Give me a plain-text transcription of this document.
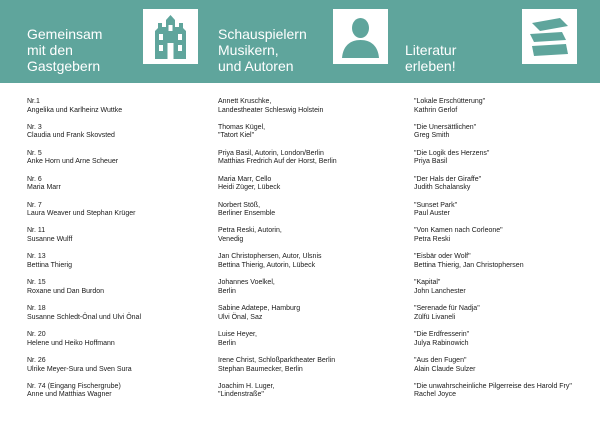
Gemeinsam
mit den
Gastgebern
Schauspielern
Musikern,
und Autoren
Literatur
erleben!
Nr.1
Angelika und Karlheinz Wuttke
Nr. 3
Claudia und Frank Skovsted
Nr. 5
Anke Horn und Arne Scheuer
Nr. 6
Maria Marr
Nr. 7
Laura Weaver und Stephan Krüger
Nr. 11
Susanne Wulff
Nr. 13
Bettina Thierig
Nr. 15
Roxane und Dan Burdon
Nr. 18
Susanne Schledt-Önal und Ulvi Önal
Nr. 20
Helene und Heiko Hoffmann
Nr. 26
Ulrike Meyer-Sura und Sven Sura
Nr. 74 (Eingang Fischergrube)
Anne und Matthias Wagner
Annett Kruschke,
Landestheater Schleswig Holstein
Thomas Kügel,
"Tatort Kiel"
Priya Basil, Autorin, London/Berlin
Matthias Fredrich Auf der Horst, Berlin
Maria Marr, Cello
Heidi Züger, Lübeck
Norbert Stöß,
Berliner Ensemble
Petra Reski, Autorin,
Venedig
Jan Christophersen, Autor, Ulsnis
Bettina Thierig, Autorin, Lübeck
Johannes Voelkel,
Berlin
Sabine Adatepe, Hamburg
Ulvi Önal, Saz
Luise Heyer,
Berlin
Irene Christ, Schloßparktheater Berlin
Stephan Baumecker, Berlin
Joachim H. Luger,
"Lindenstraße"
"Lokale Erschütterung"
Kathrin Gerlof
"Die Unersättlichen"
Greg Smith
"Die Logik des Herzens"
Priya Basil
"Der Hals der Giraffe"
Judith Schalansky
"Sunset Park"
Paul Auster
"Von Kamen nach Corleone"
Petra Reski
"Eisbär oder Wolf"
Bettina Thierig, Jan Christophersen
"Kapital"
John Lanchester
"Serenade für Nadja"
Zülfü Livaneli
"Die Erdfresserin"
Julya Rabinowich
"Aus den Fugen"
Alain Claude Sulzer
"Die unwahrscheinliche Pilgerreise des Harold Fry"
Rachel Joyce
